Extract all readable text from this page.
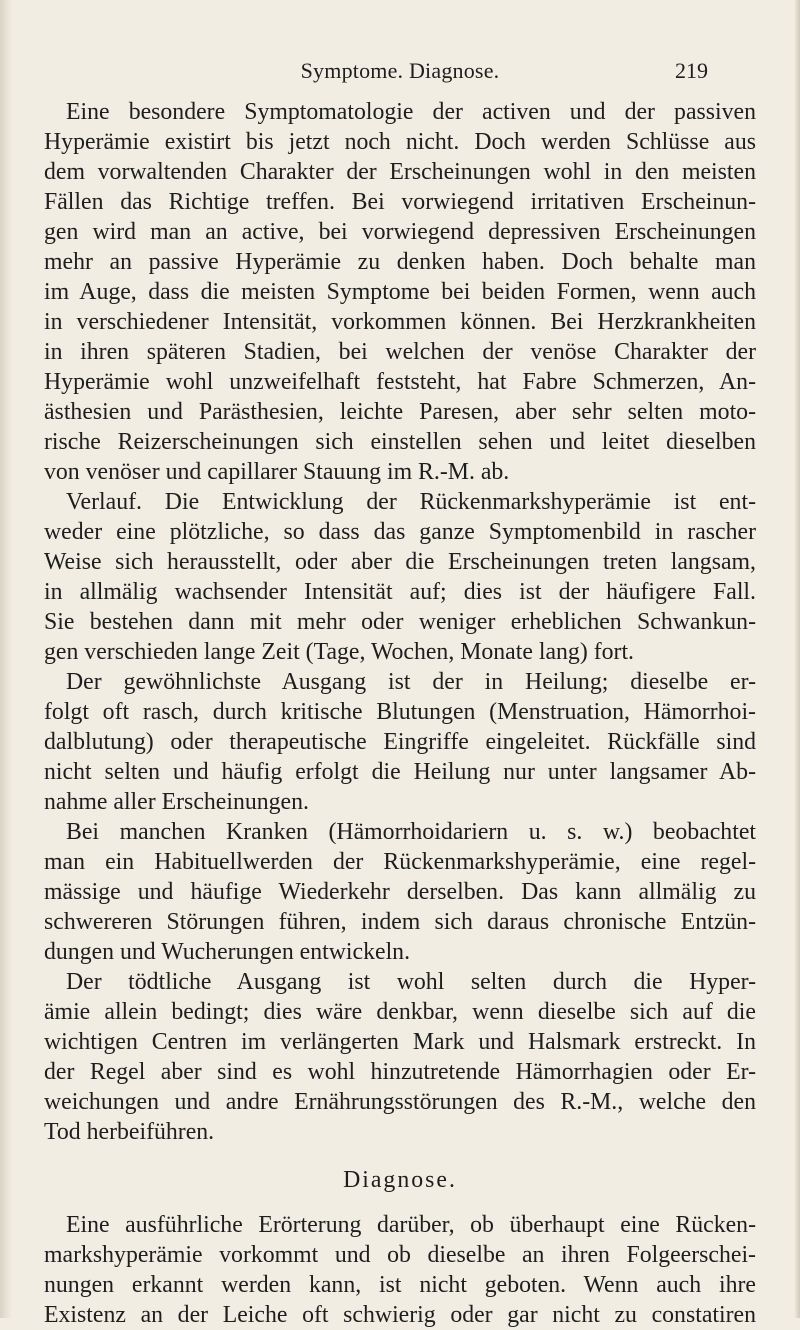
Symptome. Diagnose.	219
Eine besondere Symptomatologie der activen und der passiven
Hyperämie existirt bis jetzt noch nicht. Doch werden Schlüsse aus
dem vorwaltenden Charakter der Erscheinungen wohl in den meisten
Fällen das Richtige treffen. Bei vorwiegend irritativen Erscheinun-
gen wird man an active, bei vorwiegend depressiven Erscheinungen
mehr an passive Hyperämie zu denken haben. Doch behalte man
im Auge, dass die meisten Symptome bei beiden Formen, wenn auch
in verschiedener Intensität, vorkommen können. Bei Herzkrankheiten
in ihren späteren Stadien, bei welchen der venöse Charakter der
Hyperämie wohl unzweifelhaft feststeht, hat Fabre Schmerzen, An-
ästhesien und Parästhesien, leichte Paresen, aber sehr selten moto-
rische Reizerscheinungen sich einstellen sehen und leitet dieselben
von venöser und capillarer Stauung im R.-M. ab.
Verlauf. Die Entwicklung der Rückenmarkshyperämie ist ent-
weder eine plötzliche, so dass das ganze Symptomenbild in rascher
Weise sich herausstellt, oder aber die Erscheinungen treten langsam,
in allmälig wachsender Intensität auf; dies ist der häufigere Fall.
Sie bestehen dann mit mehr oder weniger erheblichen Schwankun-
gen verschieden lange Zeit (Tage, Wochen, Monate lang) fort.
Der gewöhnlichste Ausgang ist der in Heilung; dieselbe er-
folgt oft rasch, durch kritische Blutungen (Menstruation, Hämorrhoi-
dalblutung) oder therapeutische Eingriffe eingeleitet. Rückfälle sind
nicht selten und häufig erfolgt die Heilung nur unter langsamer Ab-
nahme aller Erscheinungen.
Bei manchen Kranken (Hämorrhoidariern u. s. w.) beobachtet
man ein Habituellwerden der Rückenmarkshyperämie, eine regel-
mässige und häufige Wiederkehr derselben. Das kann allmälig zu
schwereren Störungen führen, indem sich daraus chronische Entzün-
dungen und Wucherungen entwickeln.
Der tödtliche Ausgang ist wohl selten durch die Hyper-
ämie allein bedingt; dies wäre denkbar, wenn dieselbe sich auf die
wichtigen Centren im verlängerten Mark und Halsmark erstreckt. In
der Regel aber sind es wohl hinzutretende Hämorrhagien oder Er-
weichungen und andre Ernährungsstörungen des R.-M., welche den
Tod herbeiführen.
Diagnose.
Eine ausführliche Erörterung darüber, ob überhaupt eine Rücken-
markshyperämie vorkommt und ob dieselbe an ihren Folgeerschei-
nungen erkannt werden kann, ist nicht geboten. Wenn auch ihre
Existenz an der Leiche oft schwierig oder gar nicht zu constatiren
